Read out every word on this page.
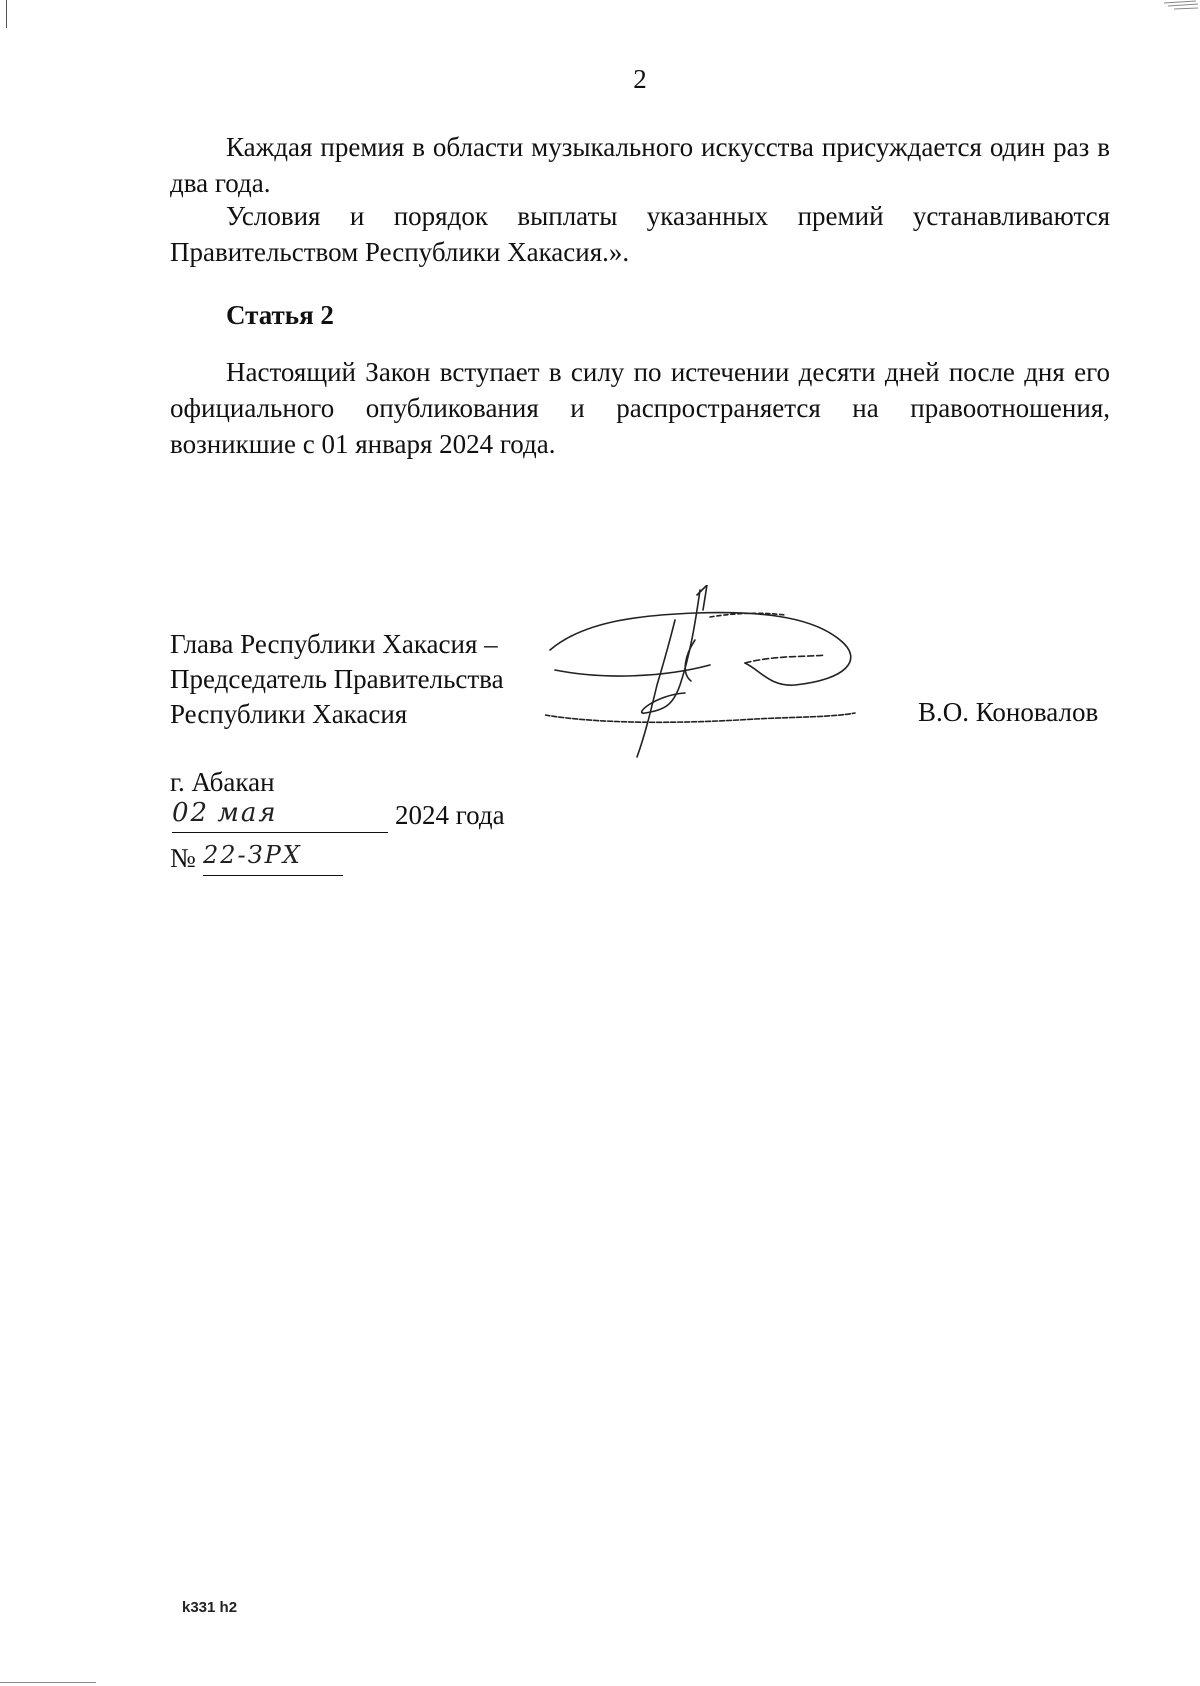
2

Каждая премия в области музыкального искусства присуждается один раз в два года.

Условия и порядок выплаты указанных премий устанавливаются Правительством Республики Хакасия.».

Статья 2

Настоящий Закон вступает в силу по истечении десяти дней после дня его официального опубликования и распространяется на правоотношения, возникшие с 01 января 2024 года.

Глава Республики Хакасия –
Председатель Правительства
Республики Хакасия	В.О. Коновалов
г. Абакан
02 мая	2024 года
№ 22-ЗРХ
k331 h2
